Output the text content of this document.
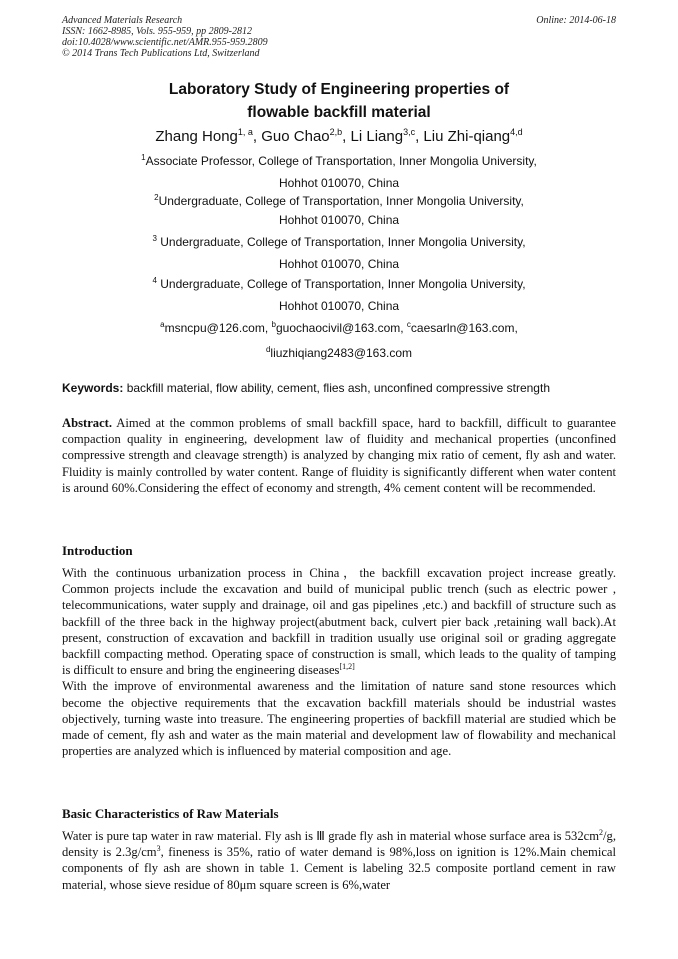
Advanced Materials Research
ISSN: 1662-8985, Vols. 955-959, pp 2809-2812
doi:10.4028/www.scientific.net/AMR.955-959.2809
© 2014 Trans Tech Publications Ltd, Switzerland
Online: 2014-06-18
Laboratory Study of Engineering properties of
flowable backfill material
Zhang Hong$^{1, a}$, Guo Chao$^{2,b}$, Li Liang$^{3,c}$, Liu Zhi-qiang$^{4,d}$
$^1$Associate Professor, College of Transportation, Inner Mongolia University,
Hohhot 010070, China
$^2$Undergraduate, College of Transportation, Inner Mongolia University,
Hohhot 010070, China
$^3$ Undergraduate, College of Transportation, Inner Mongolia University,
Hohhot 010070, China
$^4$ Undergraduate, College of Transportation, Inner Mongolia University,
Hohhot 010070, China
$^a$msncpu@126.com, $^b$guochaocivil@163.com, $^c$caesarln@163.com,
$^d$liuzhiqiang2483@163.com
Keywords: backfill material, flow ability, cement, flies ash, unconfined compressive strength
Abstract. Aimed at the common problems of small backfill space, hard to backfill, difficult to guarantee compaction quality in engineering, development law of fluidity and mechanical properties (unconfined compressive strength and cleavage strength) is analyzed by changing mix ratio of cement, fly ash and water. Fluidity is mainly controlled by water content. Range of fluidity is significantly different when water content is around 60%.Considering the effect of economy and strength, 4% cement content will be recommended.
Introduction
With the continuous urbanization process in China，the backfill excavation project increase greatly. Common projects include the excavation and build of municipal public trench (such as electric power , telecommunications, water supply and drainage, oil and gas pipelines ,etc.) and backfill of structure such as backfill of the three back in the highway project(abutment back, culvert pier back ,retaining wall back).At present, construction of excavation and backfill in tradition usually use original soil or grading aggregate backfill compacting method. Operating space of construction is small, which leads to the quality of tamping is difficult to ensure and bring the engineering diseases[1,2]
With the improve of environmental awareness and the limitation of nature sand stone resources which become the objective requirements that the excavation backfill materials should be industrial wastes objectively, turning waste into treasure. The engineering properties of backfill material are studied which be made of cement, fly ash and water as the main material and development law of flowability and mechanical properties are analyzed which is influenced by material composition and age.
Basic Characteristics of Raw Materials
Water is pure tap water in raw material. Fly ash is Ⅲ grade fly ash in material whose surface area is $532cm^2/g$, density is $2.3g/cm^3$, fineness is 35%, ratio of water demand is 98%,loss on ignition is 12%.Main chemical components of fly ash are shown in table 1. Cement is labeling 32.5 composite portland cement in raw material, whose sieve residue of 80μm square screen is 6%,water
